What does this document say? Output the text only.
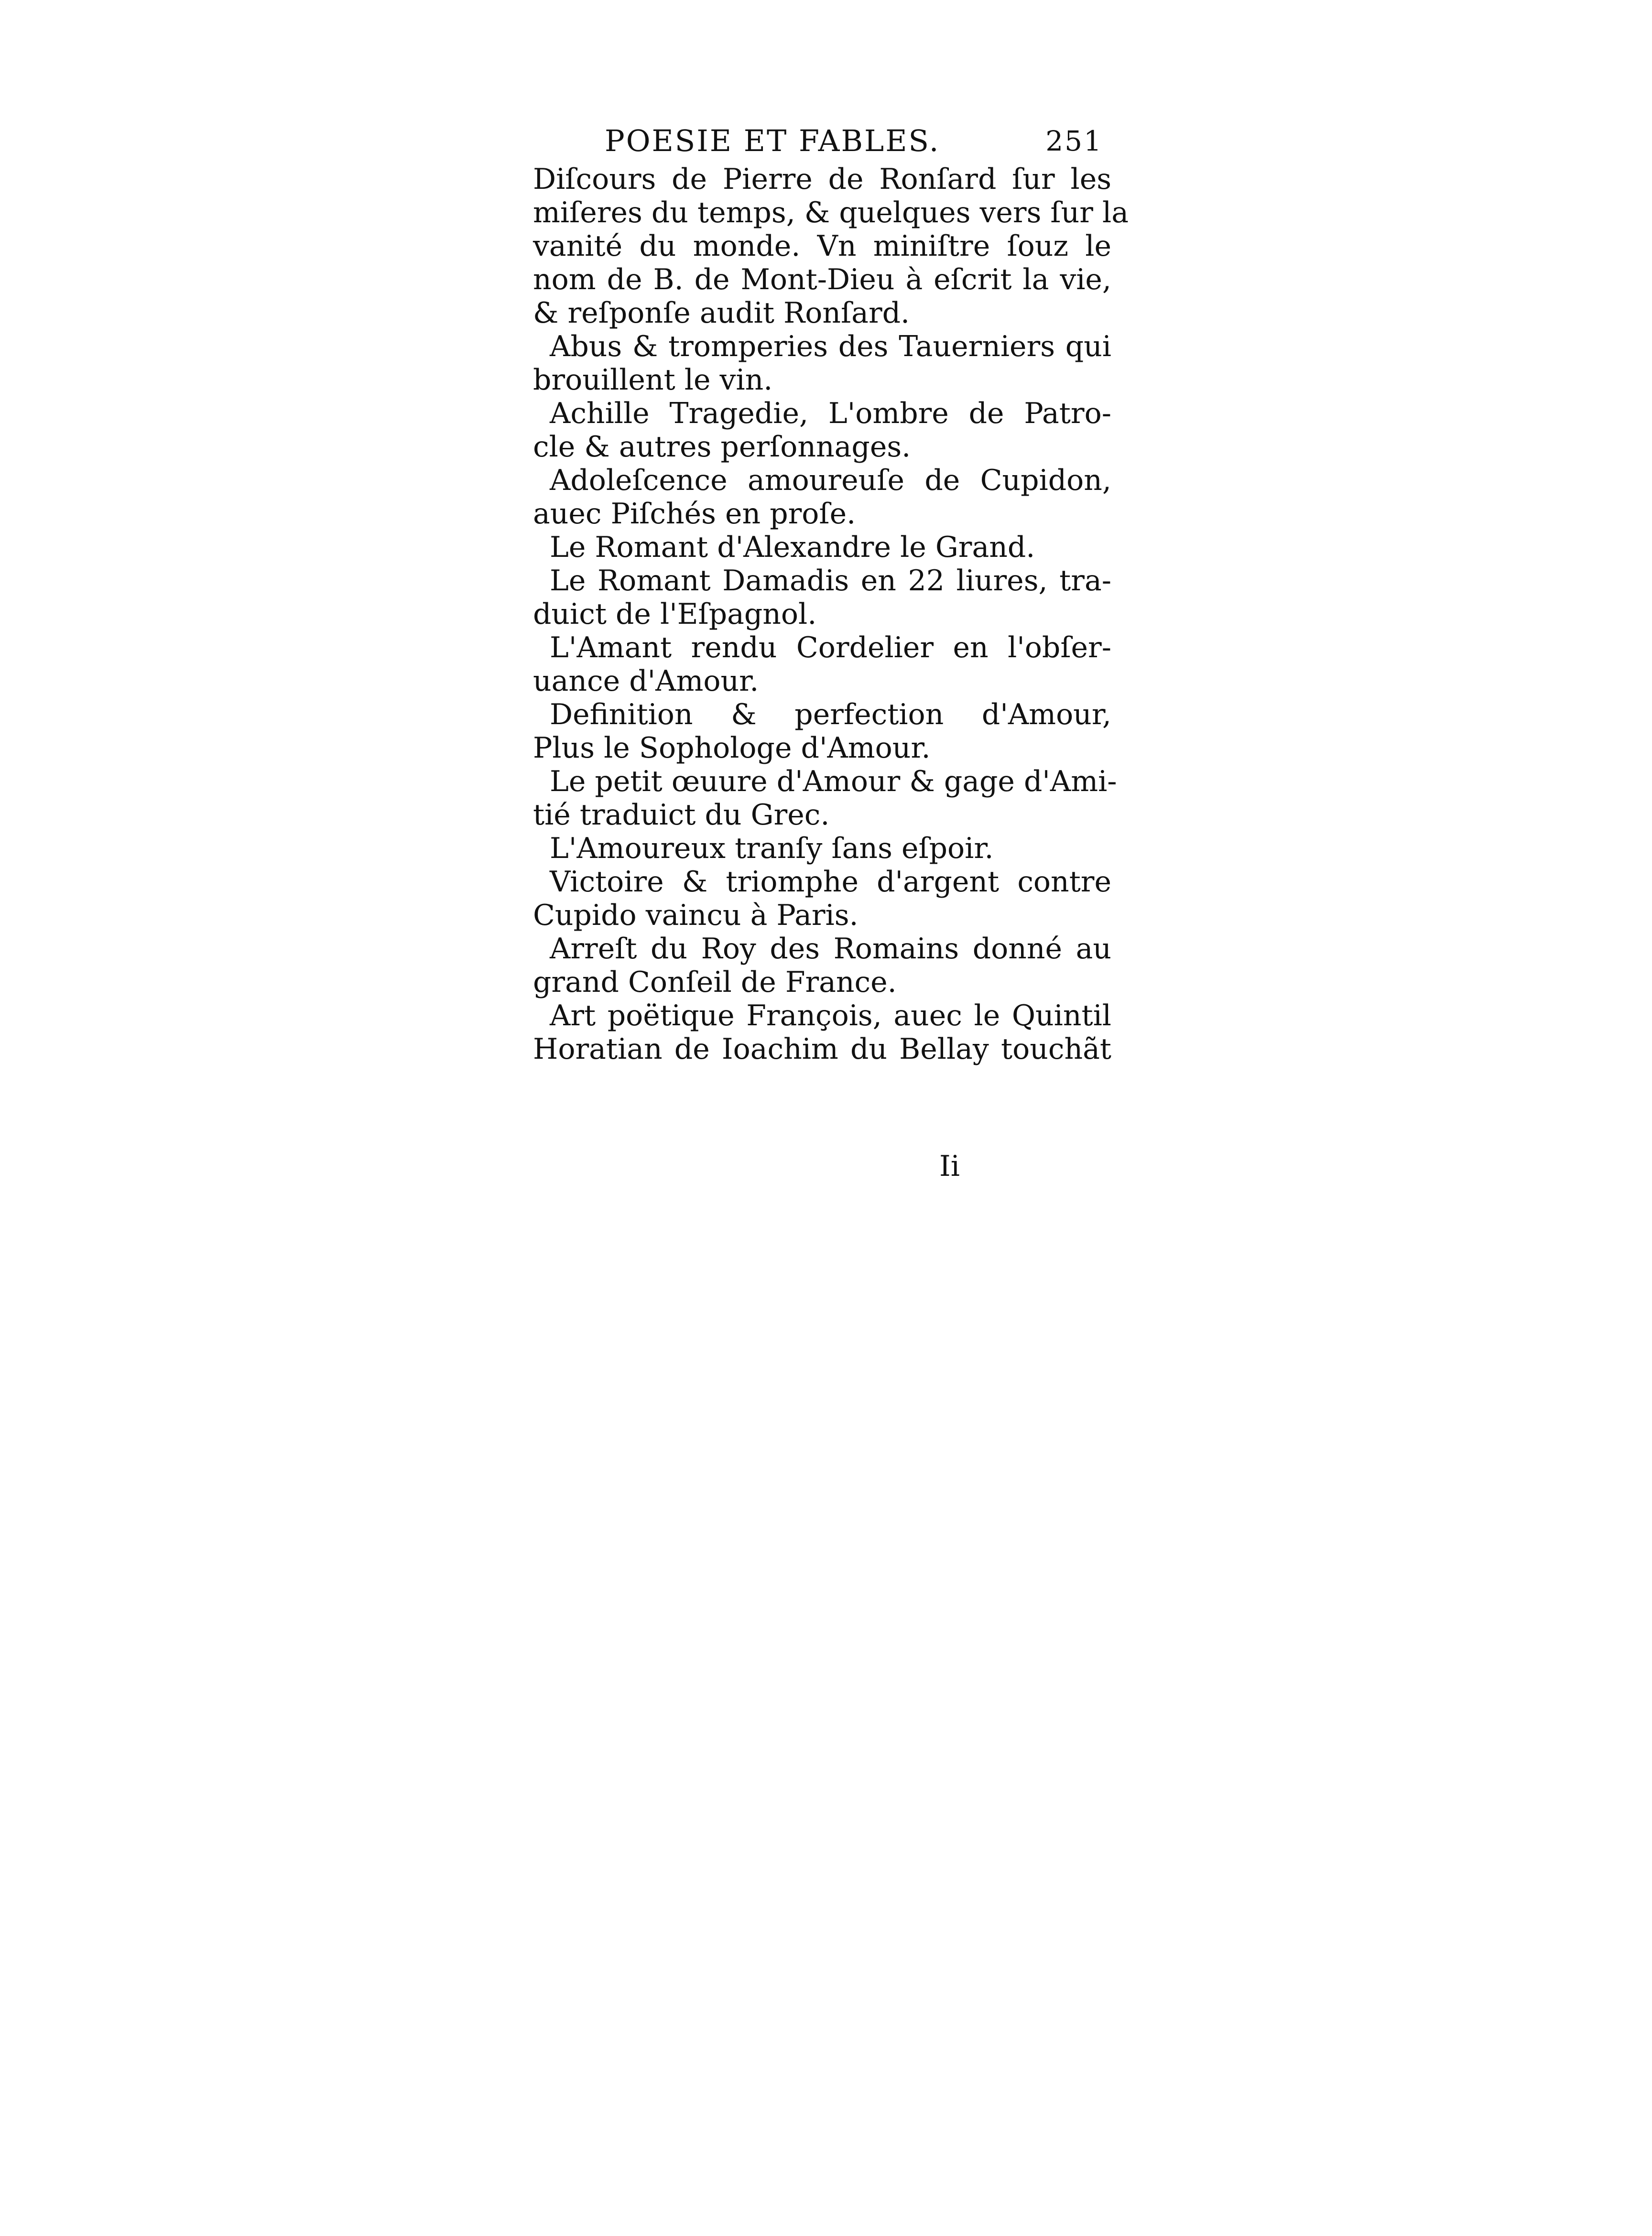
POESIE ET FABLES.	251
Diſcours de Pierre de Ronſard ſur les
miſeres du temps, & quelques vers ſur la
vanité du monde. Vn miniſtre ſouz le
nom de B. de Mont-Dieu à eſcrit la vie,
& reſponſe audit Ronſard.
Abus & tromperies des Tauerniers qui
brouillent le vin.
Achille Tragedie, L'ombre de Patro-
cle & autres perſonnages.
Adoleſcence amoureuſe de Cupidon,
auec Piſchés en proſe.
Le Romant d'Alexandre le Grand.
Le Romant Damadis en 22 liures, tra-
duict de l'Eſpagnol.
L'Amant rendu Cordelier en l'obſer-
uance d'Amour.
Definition & perfection d'Amour,
Plus le Sophologe d'Amour.
Le petit œuure d'Amour & gage d'Ami-
tié traduict du Grec.
L'Amoureux tranſy ſans eſpoir.
Victoire & triomphe d'argent contre
Cupido vaincu à Paris.
Arreſt du Roy des Romains donné au
grand Conſeil de France.
Art poëtique François, auec le Quintil
Horatian de Ioachim du Bellay touchãt
Ii
